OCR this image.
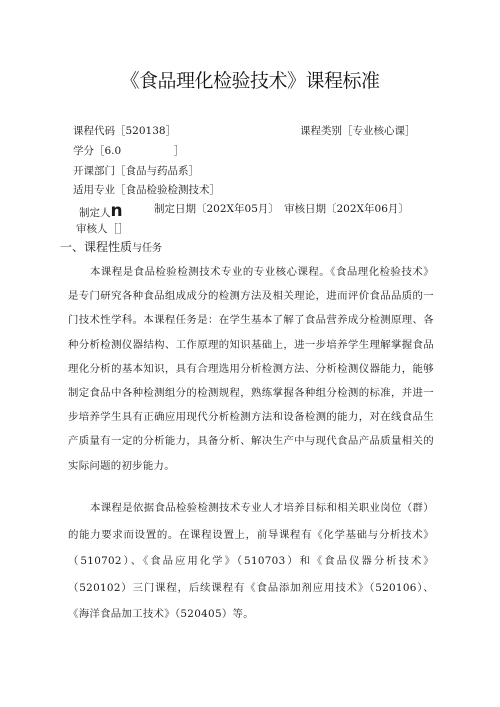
《食品理化检验技术》课程标准
课程代码［520138］	课程类别［专业核心课］
学分［6.0　　　　　］
开课部门［食品与药品系］
适用专业［食品检验检测技术］
制定人n	制定日期〔202X年05月〕 审核日期〔202X年06月〕
审核人［］
一、课程性质与任务

本课程是食品检验检测技术专业的专业核心课程。《食品理化检验技术》是专门研究各种食品组成成分的检测方法及相关理论，进而评价食品品质的一门技术性学科。本课程任务是：在学生基本了解了食品营养成分检测原理、各种分析检测仪器结构、工作原理的知识基础上，进一步培养学生理解掌握食品理化分析的基本知识，具有合理选用分析检测方法、分析检测仪器能力，能够制定食品中各种检测组分的检测规程，熟练掌握各种组分检测的标准，并进一步培养学生具有正确应用现代分析检测方法和设备检测的能力，对在线食品生产质量有一定的分析能力，具备分析、解决生产中与现代食品产品质量相关的实际问题的初步能力。

本课程是依据食品检验检测技术专业人才培养目标和相关职业岗位（群）的能力要求而设置的。在课程设置上，前导课程有《化学基础与分析技术》（510702）、《食品应用化学》（510703）和《食品仪器分析技术》（520102）三门课程，后续课程有《食品添加剂应用技术》（520106）、《海洋食品加工技术》（520405）等。
